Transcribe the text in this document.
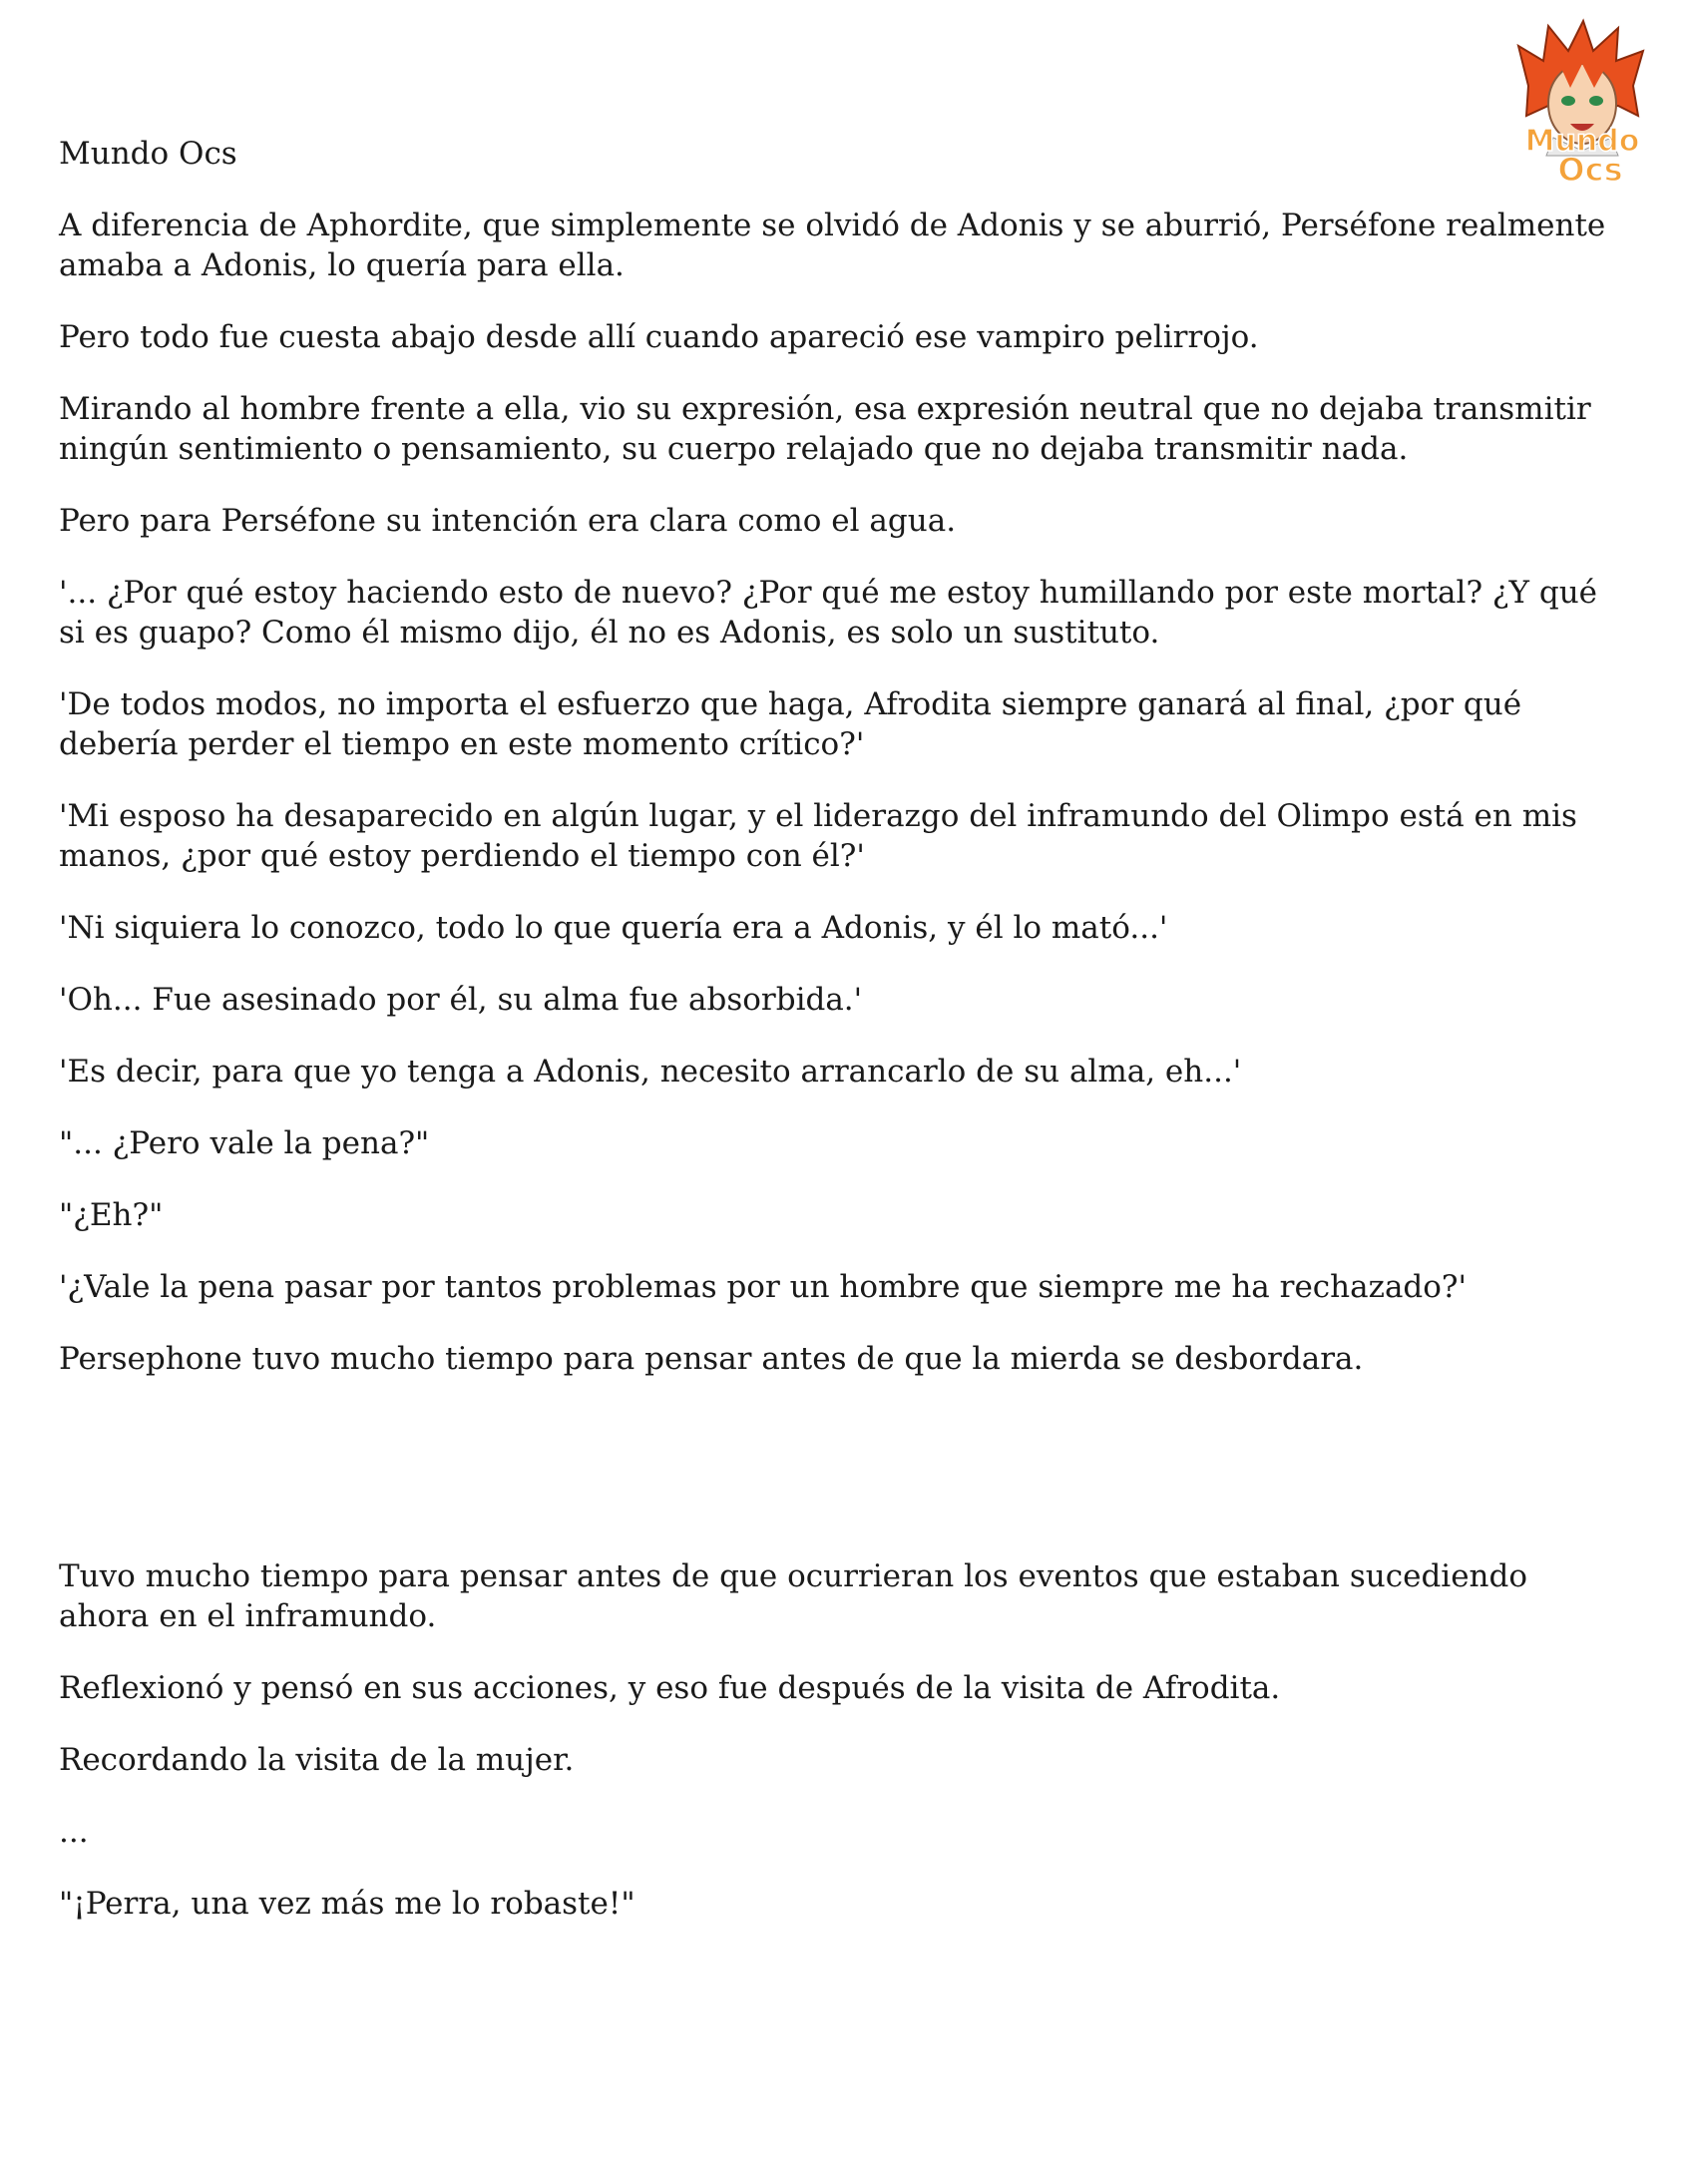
Mundo
Ocs

Mundo Ocs

A diferencia de Aphordite, que simplemente se olvidó de Adonis y se aburrió, Perséfone realmente amaba a Adonis, lo quería para ella.

Pero todo fue cuesta abajo desde allí cuando apareció ese vampiro pelirrojo.

Mirando al hombre frente a ella, vio su expresión, esa expresión neutral que no dejaba transmitir ningún sentimiento o pensamiento, su cuerpo relajado que no dejaba transmitir nada.

Pero para Perséfone su intención era clara como el agua.

'... ¿Por qué estoy haciendo esto de nuevo? ¿Por qué me estoy humillando por este mortal? ¿Y qué si es guapo? Como él mismo dijo, él no es Adonis, es solo un sustituto.

'De todos modos, no importa el esfuerzo que haga, Afrodita siempre ganará al final, ¿por qué debería perder el tiempo en este momento crítico?'

'Mi esposo ha desaparecido en algún lugar, y el liderazgo del inframundo del Olimpo está en mis manos, ¿por qué estoy perdiendo el tiempo con él?'

'Ni siquiera lo conozco, todo lo que quería era a Adonis, y él lo mató...'

'Oh... Fue asesinado por él, su alma fue absorbida.'

'Es decir, para que yo tenga a Adonis, necesito arrancarlo de su alma, eh...'

"... ¿Pero vale la pena?"

"¿Eh?"

'¿Vale la pena pasar por tantos problemas por un hombre que siempre me ha rechazado?'

Persephone tuvo mucho tiempo para pensar antes de que la mierda se desbordara.

Tuvo mucho tiempo para pensar antes de que ocurrieran los eventos que estaban sucediendo ahora en el inframundo.

Reflexionó y pensó en sus acciones, y eso fue después de la visita de Afrodita.

Recordando la visita de la mujer.

...

"¡Perra, una vez más me lo robaste!"
